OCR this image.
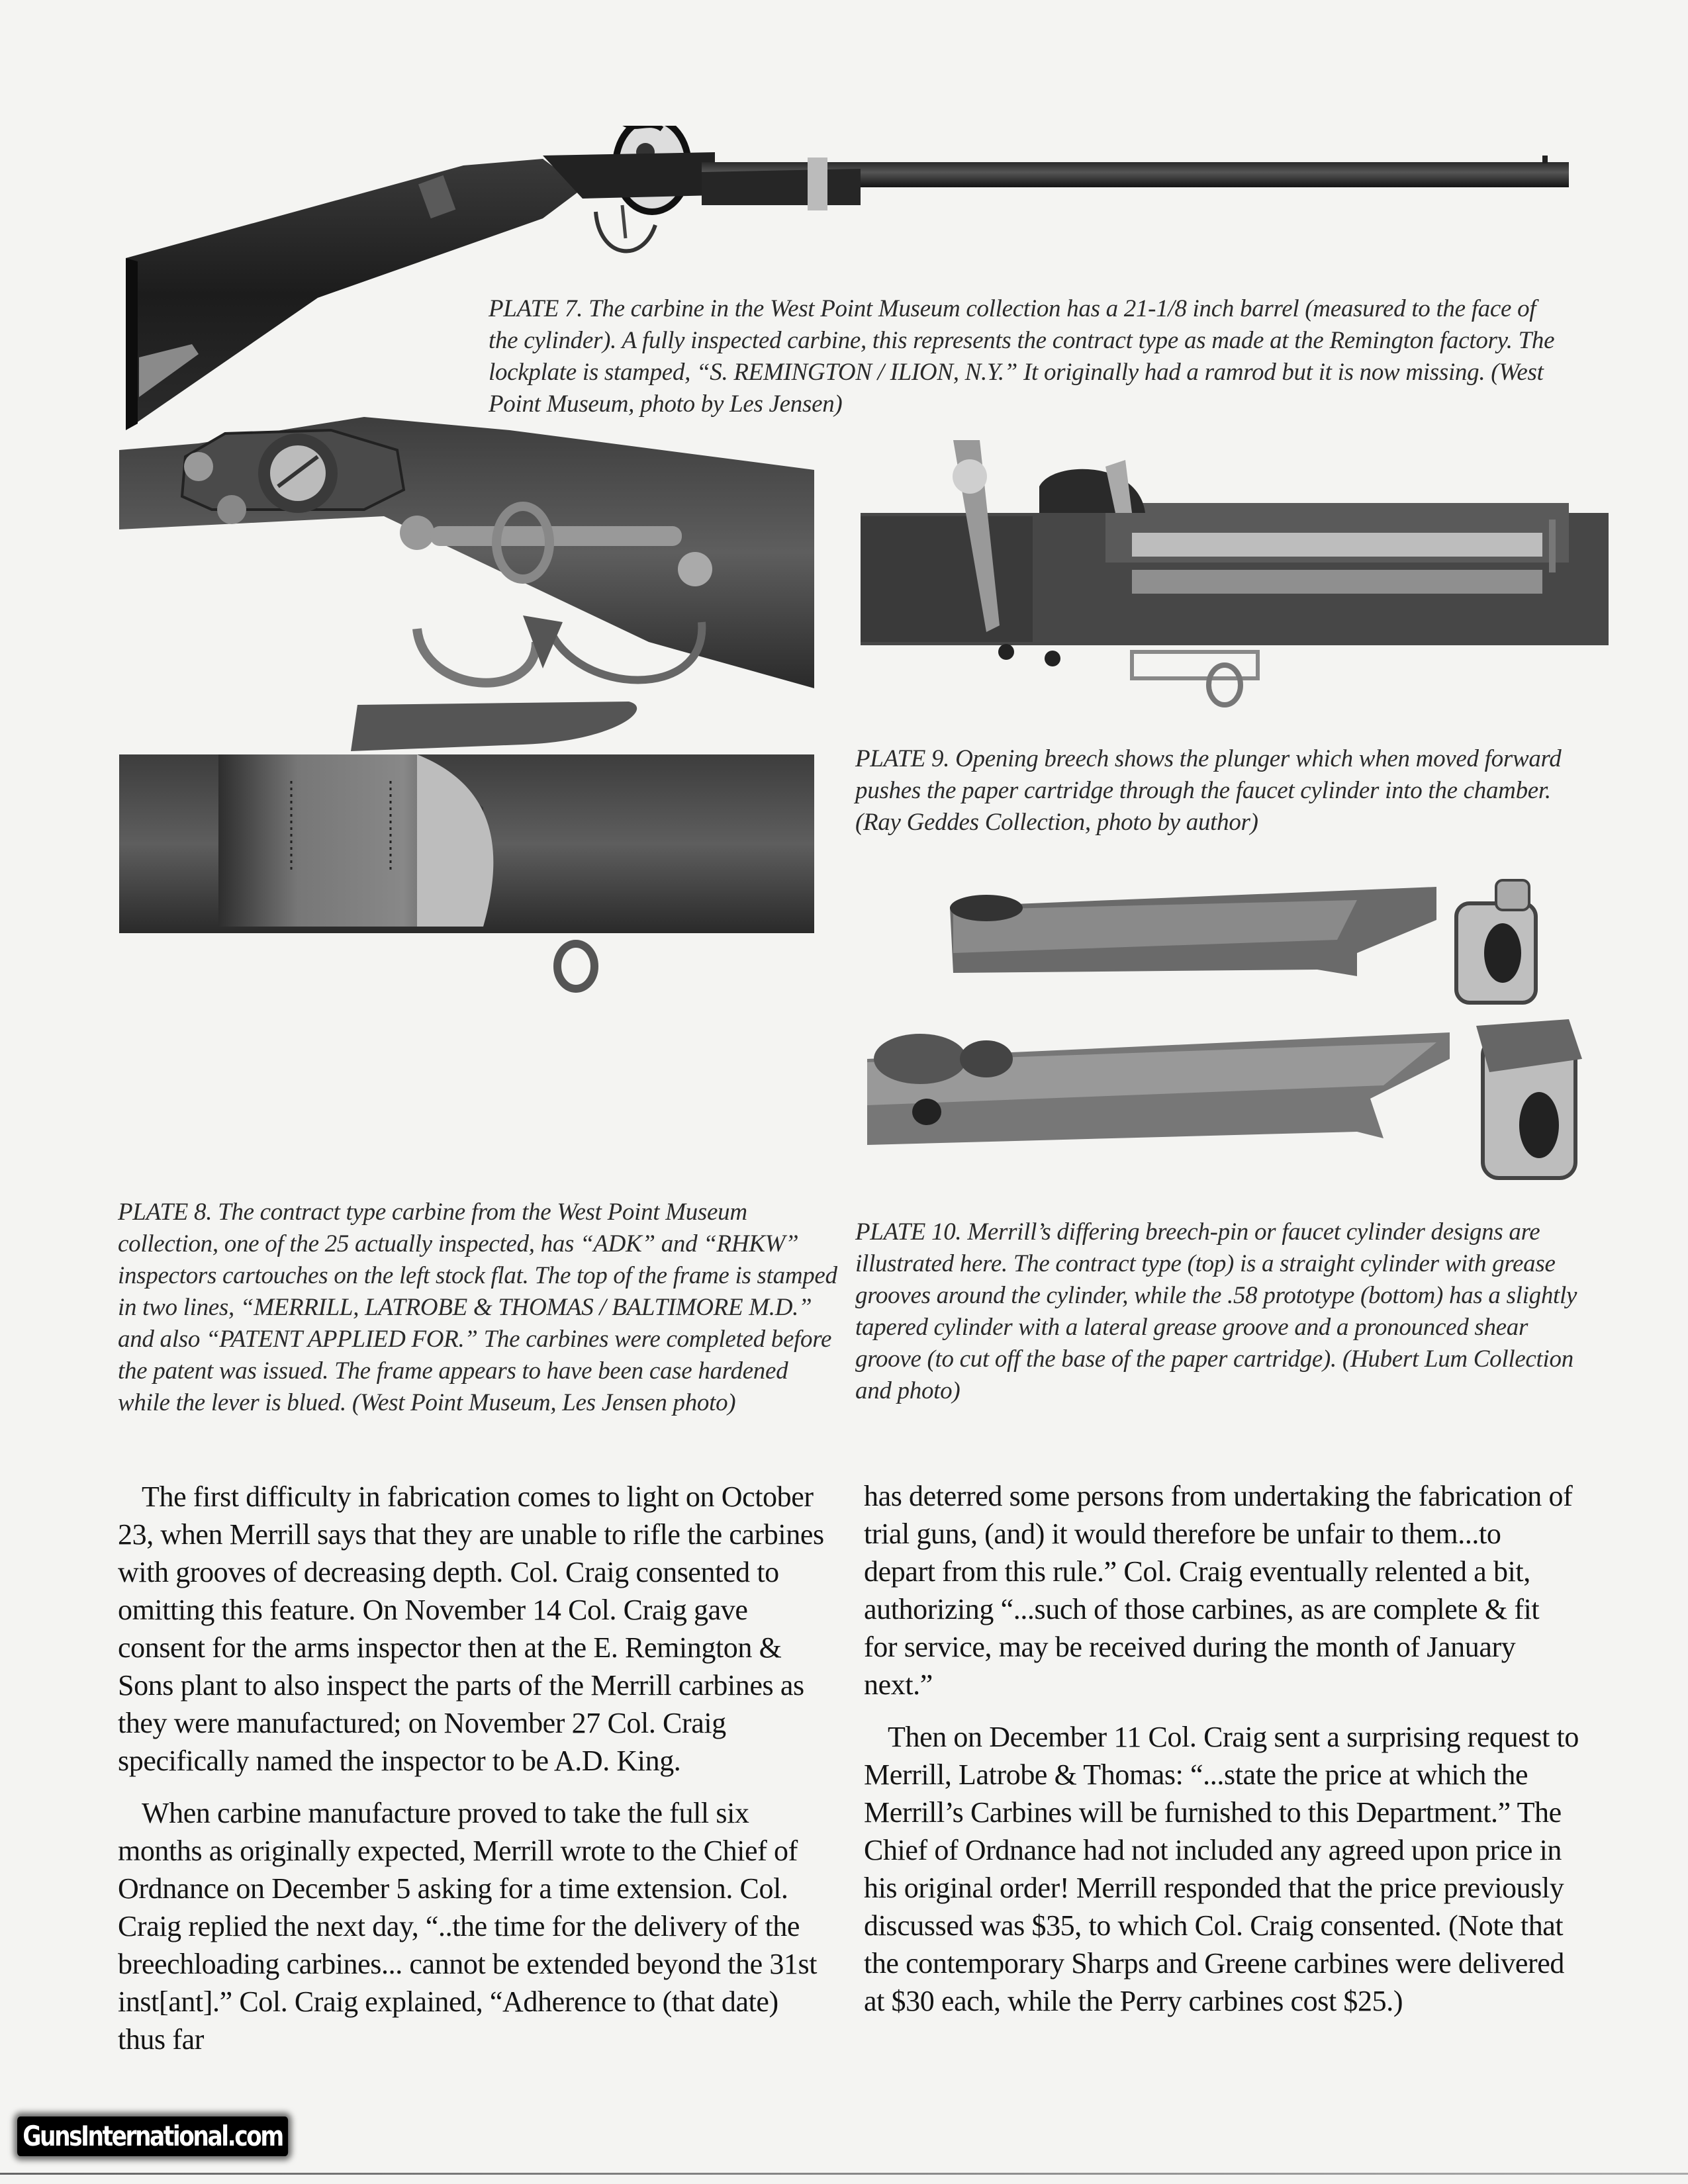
PLATE 7. The carbine in the West Point Museum collection has a 21-1/8 inch barrel (measured to the face of the cylinder). A fully inspected carbine, this represents the contract type as made at the Remington factory. The lockplate is stamped, “S. REMINGTON / ILION, N.Y.” It originally had a ramrod but it is now missing. (West Point Museum, photo by Les Jensen)
PLATE 8. The contract type carbine from the West Point Museum collection, one of the 25 actually inspected, has “ADK” and “RHKW” inspectors cartouches on the left stock flat. The top of the frame is stamped in two lines, “MERRILL, LATROBE & THOMAS / BALTIMORE M.D.” and also “PATENT APPLIED FOR.” The carbines were completed before the patent was issued. The frame appears to have been case hardened while the lever is blued. (West Point Museum, Les Jensen photo)
PLATE 9. Opening breech shows the plunger which when moved forward pushes the paper cartridge through the faucet cylinder into the chamber. (Ray Geddes Collection, photo by author)
PLATE 10. Merrill’s differing breech-pin or faucet cylinder designs are illustrated here. The contract type (top) is a straight cylinder with grease grooves around the cylinder, while the .58 prototype (bottom) has a slightly tapered cylinder with a lateral grease groove and a pronounced shear groove (to cut off the base of the paper cartridge). (Hubert Lum Collection and photo)

The first difficulty in fabrication comes to light on October 23, when Merrill says that they are unable to rifle the carbines with grooves of decreasing depth. Col. Craig consented to omitting this feature. On November 14 Col. Craig gave consent for the arms inspector then at the E. Remington & Sons plant to also inspect the parts of the Merrill carbines as they were manufactured; on November 27 Col. Craig specifically named the inspector to be A.D. King.

When carbine manufacture proved to take the full six months as originally expected, Merrill wrote to the Chief of Ordnance on December 5 asking for a time extension. Col. Craig replied the next day, “..the time for the delivery of the breechloading carbines... cannot be extended beyond the 31st inst[ant].” Col. Craig explained, “Adherence to (that date) thus far

has deterred some persons from undertaking the fabrication of trial guns, (and) it would therefore be unfair to them...to depart from this rule.” Col. Craig eventually relented a bit, authorizing “...such of those carbines, as are complete & fit for service, may be received during the month of January next.”

Then on December 11 Col. Craig sent a surprising request to Merrill, Latrobe & Thomas: “...state the price at which the Merrill’s Carbines will be furnished to this Department.” The Chief of Ordnance had not included any agreed upon price in his original order! Merrill responded that the price previously discussed was $35, to which Col. Craig consented. (Note that the contemporary Sharps and Greene carbines were delivered at $30 each, while the Perry carbines cost $25.)

GunsInternational.com
